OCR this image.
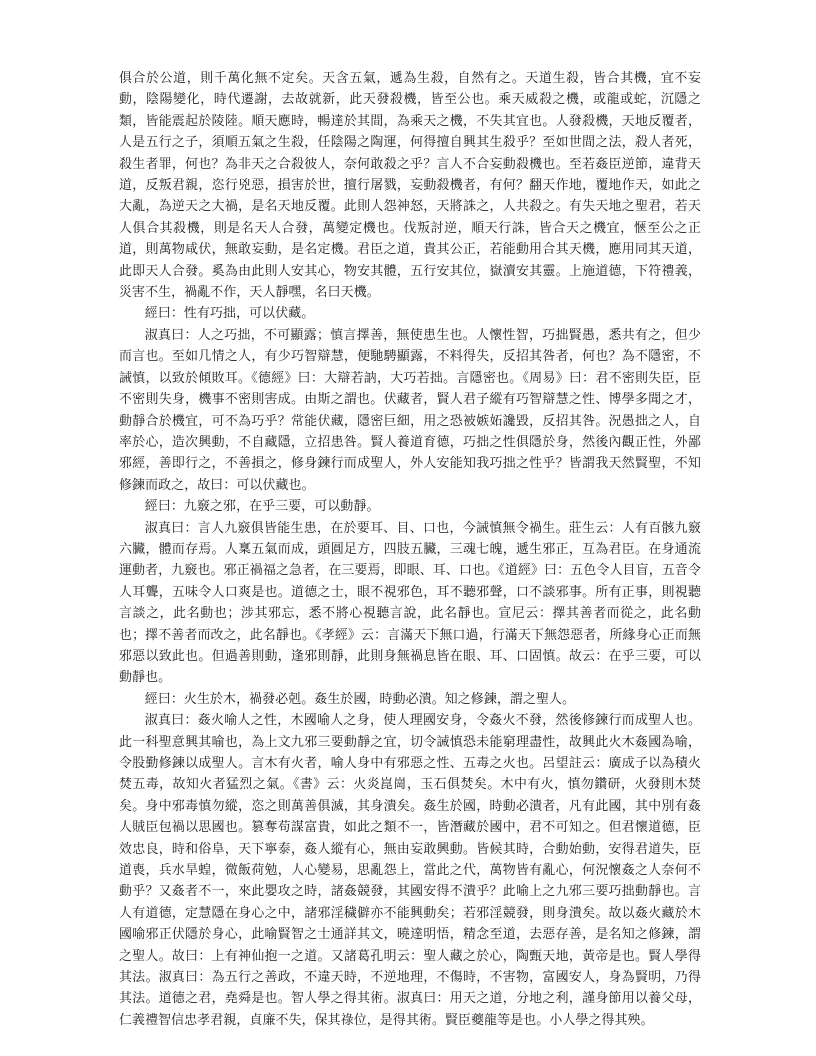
俱合於公道，則千萬化無不定矣。天含五氣，遞為生殺，自然有之。天道生殺，皆合其機，宜不妄動，陰陽變化，時代遷謝，去故就新，此天發殺機，皆至公也。乘天威殺之機，或龍或蛇，沉隱之類，皆能震起於陵陸。順天應時，暢達於其間，為乘天之機，不失其宜也。人發殺機，天地反覆者，人是五行之子，須順五氣之生殺，任陰陽之陶運，何得擅自興其生殺乎？至如世間之法，殺人者死，殺生者罪，何也？為非天之合殺彼人，奈何敢殺之乎？言人不合妄動殺機也。至若姦臣逆節，違背天道，反叛君親，恣行兇惡，損害於世，擅行屠戮，妄動殺機者，有何？翻天作地，覆地作天，如此之大亂，為逆天之大禍，是名天地反覆。此則人怨神怒，天將誅之，人共殺之。有失天地之聖君，若天人俱合其殺機，則是名天人合發，萬變定機也。伐叛討逆，順天行誅，皆合天之機宜，愜至公之正道，則萬物咸伏，無敢妄動，是名定機。君臣之道，貴其公正，若能動用合其天機，應用同其天道，此即天人合發。奚為由此則人安其心，物安其體，五行安其位，嶽瀆安其靈。上施道德，下符禮義，災害不生，禍亂不作，天人靜嘿，名曰天機。

經曰：性有巧拙，可以伏藏。

淑真曰：人之巧拙，不可顯露；慎言擇善，無使患生也。人懷性智，巧拙賢愚，悉共有之，但少而言也。至如几情之人，有少巧智辯慧，便馳騁顯露，不料得失，反招其咎者，何也？為不隱密，不誡慎，以致於傾敗耳。《德經》曰：大辯若訥，大巧若拙。言隱密也。《周易》曰：君不密則失臣，臣不密則失身，機事不密則害成。由斯之謂也。伏藏者，賢人君子縱有巧智辯慧之性、博學多聞之才，動靜合於機宜，可不為巧乎？常能伏藏，隱密巨細，用之恐被嫉妬讒毀，反招其咎。況愚拙之人，自率於心，造次興動，不自藏隱，立招患咎。賢人養道育德，巧拙之性俱隱於身，然後內觀正性，外鄙邪經，善即行之，不善損之，修身鍊行而成聖人，外人安能知我巧拙之性乎？皆謂我天然賢聖，不知修鍊而政之，故曰：可以伏藏也。

經曰：九竅之邪，在乎三要，可以動靜。

淑真曰：言人九竅俱皆能生患，在於要耳、目、口也，今誡慎無令禍生。莊生云：人有百骸九竅六臟，體而存焉。人稟五氣而成，頭圓足方，四肢五臟，三魂七魄，遞生邪正，互為君臣。在身通流運動者，九竅也。邪正禍福之急者，在三要焉，即眼、耳、口也。《道經》曰：五色令人目盲，五音令人耳聾，五味令人口爽是也。道德之士，眼不視邪色，耳不聽邪聲，口不談邪事。所有正事，則視聽言談之，此名動也；涉其邪忘，悉不將心視聽言說，此名靜也。宣尼云：擇其善者而從之，此名動也；擇不善者而改之，此名靜也。《孝經》云：言滿天下無口過，行滿天下無怨惡者，所緣身心正而無邪惡以致此也。但過善則動，逢邪則靜，此則身無禍息皆在眼、耳、口固慎。故云：在乎三要，可以動靜也。

經曰：火生於木，禍發必剋。姦生於國，時動必潰。知之修鍊，謂之聖人。

淑真曰：姦火喻人之性，木國喻人之身，使人理國安身，令姦火不發，然後修鍊行而成聖人也。此一科聖意興其喻也，為上文九邪三要動靜之宜，切令誡慎恐未能窮理盡性，故興此火木姦國為喻，令股勤修鍊以成聖人。言木有火者，喻人身中有邪惡之性、五毒之火也。呂望註云：廣成子以為積火焚五毒，故知火者猛烈之氣。《書》云：火炎崑崗，玉石俱焚矣。木中有火，慎勿鑽研，火發則木焚矣。身中邪毒慎勿縱，恣之則萬善俱滅，其身潰矣。姦生於國，時動必潰者，凡有此國，其中別有姦人賊臣包禍以思國也。篡奪苟謀富貴，如此之類不一，皆潛藏於國中，君不可知之。但君懷道德，臣效忠良，時和俗阜，天下寧泰，姦人縱有心，無由妄敢興動。皆候其時，合動始動，安得君道失，臣道喪，兵水旱蝗，微飯荷勉，人心變易，思亂怨上，當此之代，萬物皆有亂心，何況懷姦之人奈何不動乎？又姦者不一，來此嬰攻之時，諸姦競發，其國安得不潰乎？此喻上之九邪三要巧拙動靜也。言人有道德，定慧隱在身心之中，諸邪淫穢僻亦不能興動矣；若邪淫競發，則身潰矣。故以姦火藏於木國喻邪正伏隱於身心，此喻賢智之士通詳其文，曉達明悟，精念至道，去惡存善，是名知之修鍊，謂之聖人。故曰：上有神仙抱一之道。又諸葛孔明云：聖人藏之於心，陶甄天地，黃帝是也。賢人學得其法。淑真曰：為五行之善政，不違天時，不逆地理，不傷時，不害物，富國安人，身為賢明，乃得其法。道德之君，堯舜是也。智人學之得其術。淑真曰：用天之道，分地之利，謹身節用以養父母，仁義禮智信忠孝君親，貞廉不失，保其祿位，是得其術。賢臣夔龍等是也。小人學之得其殃。
